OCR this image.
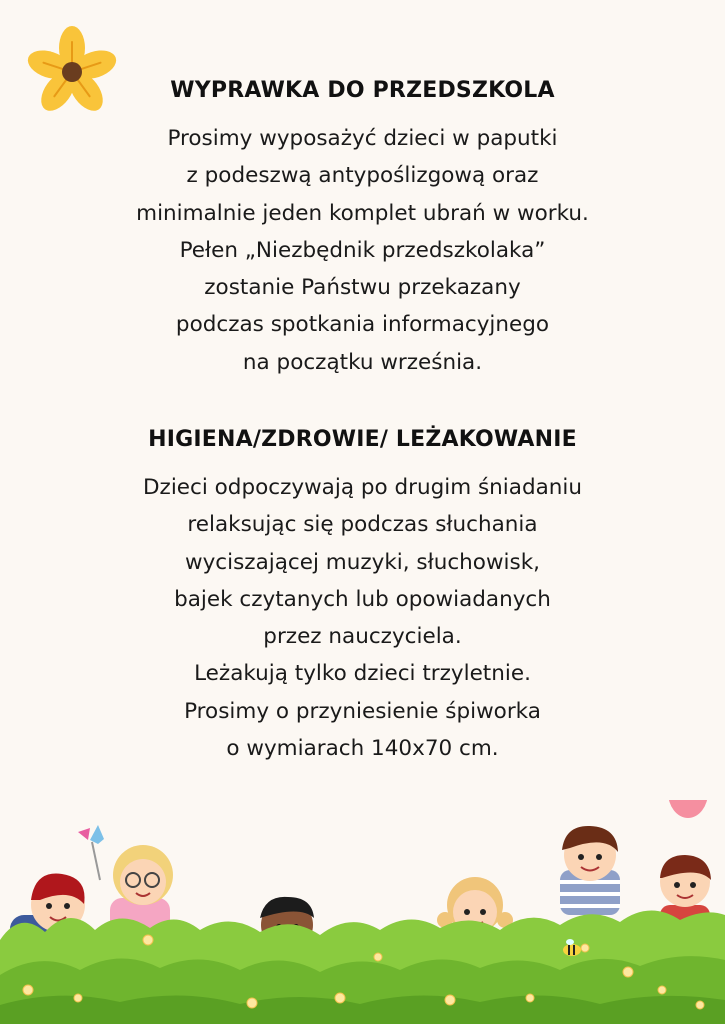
WYPRAWKA DO PRZEDSZKOLA
Prosimy wyposażyć dzieci w paputki
z podeszwą antypoślizgową oraz
minimalnie jeden komplet ubrań w worku.
Pełen „Niezbędnik przedszkolaka”
zostanie Państwu przekazany
podczas spotkania informacyjnego
na początku września.
HIGIENA/ZDROWIE/ LEŻAKOWANIE
Dzieci odpoczywają po drugim śniadaniu
relaksując się podczas słuchania
wyciszającej muzyki, słuchowisk,
bajek czytanych lub opowiadanych
przez nauczyciela.
Leżakują tylko dzieci trzyletnie.
Prosimy o przyniesienie śpiworka
o wymiarach 140x70 cm.
